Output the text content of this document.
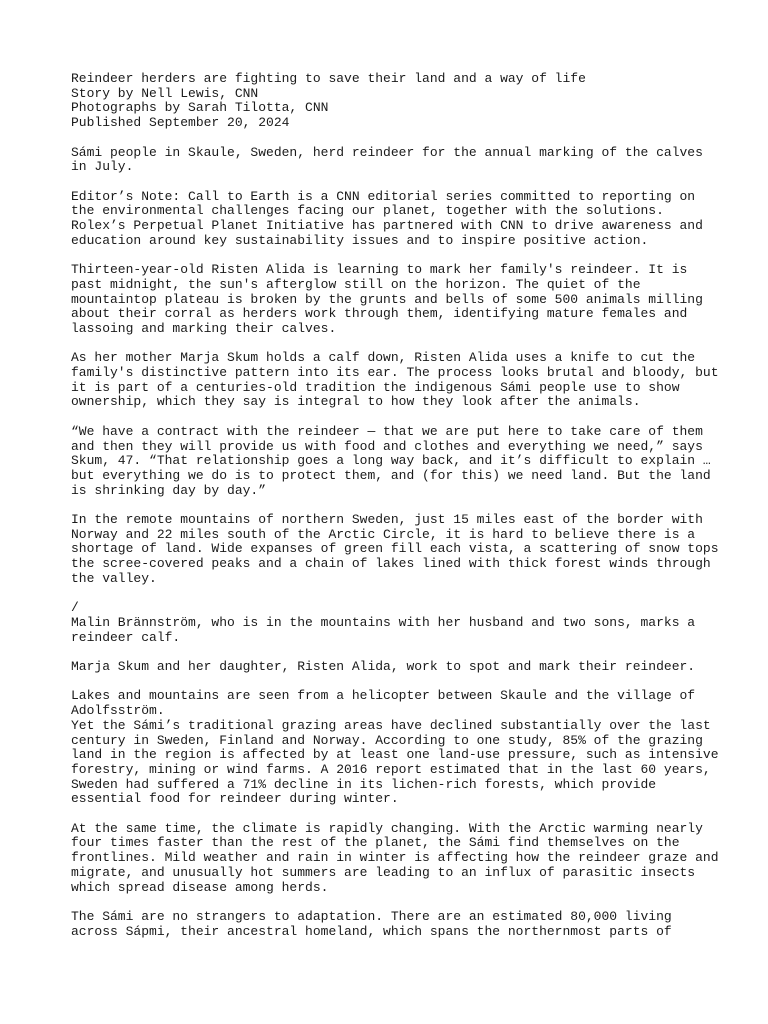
Reindeer herders are fighting to save their land and a way of life
Story by Nell Lewis, CNN
Photographs by Sarah Tilotta, CNN
Published September 20, 2024
Sámi people in Skaule, Sweden, herd reindeer for the annual marking of the calves
in July.
Editor’s Note: Call to Earth is a CNN editorial series committed to reporting on
the environmental challenges facing our planet, together with the solutions.
Rolex’s Perpetual Planet Initiative has partnered with CNN to drive awareness and
education around key sustainability issues and to inspire positive action.
Thirteen-year-old Risten Alida is learning to mark her family's reindeer. It is
past midnight, the sun's afterglow still on the horizon. The quiet of the
mountaintop plateau is broken by the grunts and bells of some 500 animals milling
about their corral as herders work through them, identifying mature females and
lassoing and marking their calves.
As her mother Marja Skum holds a calf down, Risten Alida uses a knife to cut the
family's distinctive pattern into its ear. The process looks brutal and bloody, but
it is part of a centuries-old tradition the indigenous Sámi people use to show
ownership, which they say is integral to how they look after the animals.
“We have a contract with the reindeer — that we are put here to take care of them
and then they will provide us with food and clothes and everything we need,” says
Skum, 47. “That relationship goes a long way back, and it’s difficult to explain …
but everything we do is to protect them, and (for this) we need land. But the land
is shrinking day by day.”
In the remote mountains of northern Sweden, just 15 miles east of the border with
Norway and 22 miles south of the Arctic Circle, it is hard to believe there is a
shortage of land. Wide expanses of green fill each vista, a scattering of snow tops
the scree-covered peaks and a chain of lakes lined with thick forest winds through
the valley.
/
Malin Brännström, who is in the mountains with her husband and two sons, marks a
reindeer calf.
Marja Skum and her daughter, Risten Alida, work to spot and mark their reindeer.
Lakes and mountains are seen from a helicopter between Skaule and the village of
Adolfsström.
Yet the Sámi’s traditional grazing areas have declined substantially over the last
century in Sweden, Finland and Norway. According to one study, 85% of the grazing
land in the region is affected by at least one land-use pressure, such as intensive
forestry, mining or wind farms. A 2016 report estimated that in the last 60 years,
Sweden had suffered a 71% decline in its lichen-rich forests, which provide
essential food for reindeer during winter.
At the same time, the climate is rapidly changing. With the Arctic warming nearly
four times faster than the rest of the planet, the Sámi find themselves on the
frontlines. Mild weather and rain in winter is affecting how the reindeer graze and
migrate, and unusually hot summers are leading to an influx of parasitic insects
which spread disease among herds.
The Sámi are no strangers to adaptation. There are an estimated 80,000 living
across Sápmi, their ancestral homeland, which spans the northernmost parts of
